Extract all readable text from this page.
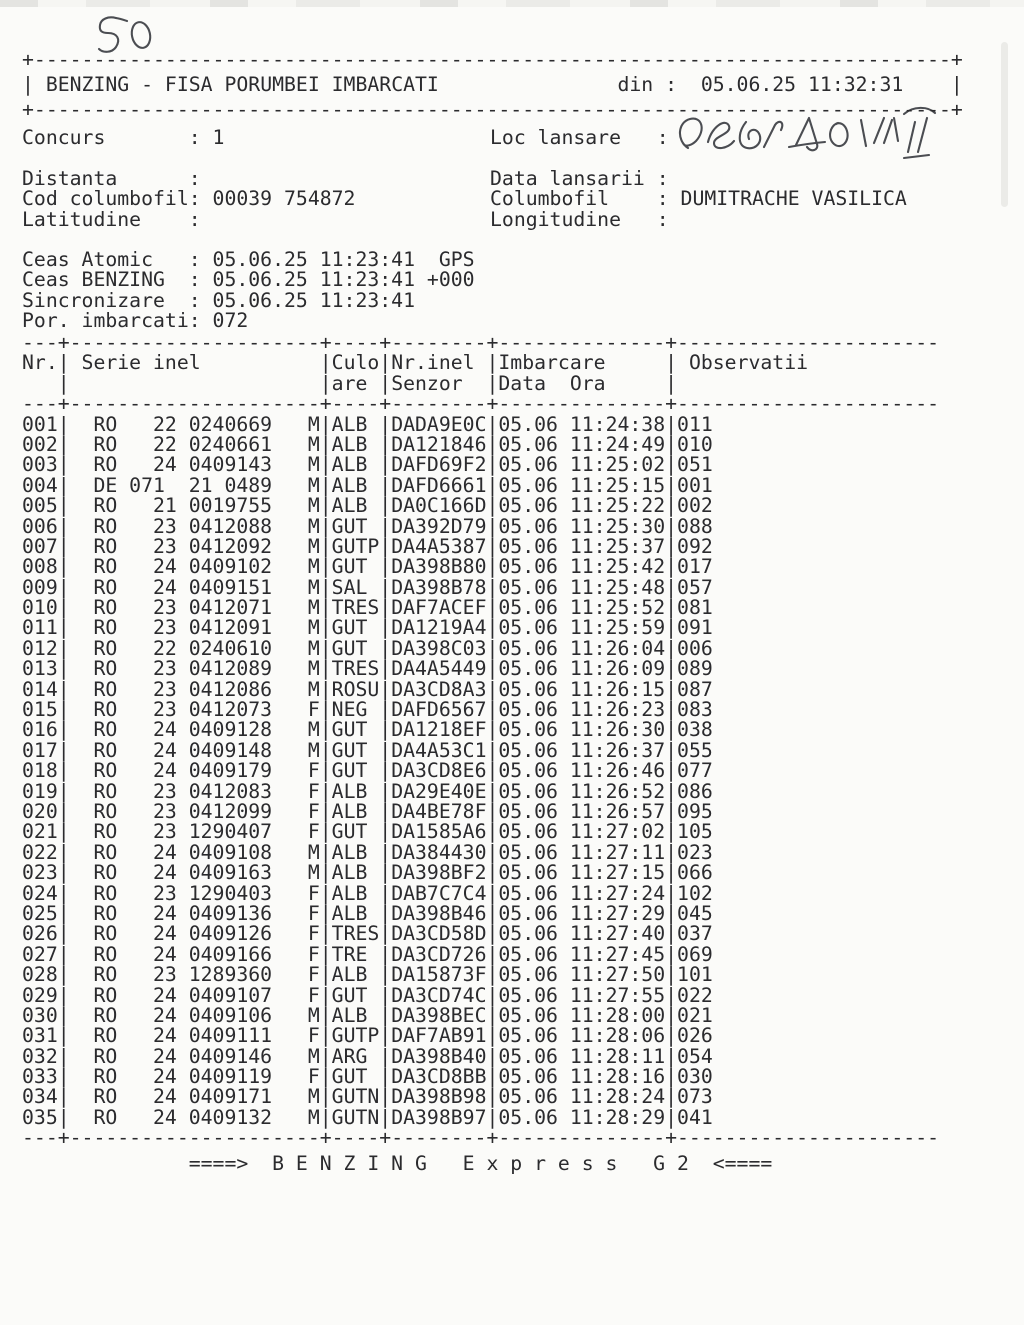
+-----------------------------------------------------------------------------+
| BENZING - FISA PORUMBEI IMBARCATI	din : 05.06.25 11:32:31 |
+-----------------------------------------------------------------------------+
Concurs	: 1	Loc lansare	:
Distanta	:	Data lansarii :
Cod columbofil : 00039 754872	Columbofil	: DUMITRACHE VASILICA
Latitudine	:	Longitudine	:
Ceas Atomic	: 05.06.25 11:23:41  GPS
Ceas BENZING	: 05.06.25 11:23:41 +000
Sincronizare	: 05.06.25 11:23:41
Por. imbarcati : 072
---+---------------------+----+--------+--------------+----------------------
Nr. | Serie inel	| Culo | Nr.inel | Imbarcare	| Observatii
|	| are | Senzor	| Data  Ora	|
---+---------------------+----+--------+--------------+----------------------
001 | RO   22 0240669 M | ALB | DADA9E0C | 05.06 11:24:38 | 011
002 | RO   22 0240661 M | ALB | DA121846 | 05.06 11:24:49 | 010
003 | RO   24 0409143 M | ALB | DAFD69F2 | 05.06 11:25:02 | 051
004 | DE 071  21 0489 M | ALB | DAFD6661 | 05.06 11:25:15 | 001
005 | RO   21 0019755 M | ALB | DA0C166D | 05.06 11:25:22 | 002
006 | RO   23 0412088 M | GUT | DA392D79 | 05.06 11:25:30 | 088
007 | RO   23 0412092 M | GUTP | DA4A5387 | 05.06 11:25:37 | 092
008 | RO   24 0409102 M | GUT | DA398B80 | 05.06 11:25:42 | 017
009 | RO   24 0409151 M | SAL | DA398B78 | 05.06 11:25:48 | 057
010 | RO   23 0412071 M | TRES | DAF7ACEF | 05.06 11:25:52 | 081
011 | RO   23 0412091 M | GUT | DA1219A4 | 05.06 11:25:59 | 091
012 | RO   22 0240610 M | GUT | DA398C03 | 05.06 11:26:04 | 006
013 | RO   23 0412089 M | TRES | DA4A5449 | 05.06 11:26:09 | 089
014 | RO   23 0412086 M | ROSU | DA3CD8A3 | 05.06 11:26:15 | 087
015 | RO   23 0412073 F | NEG | DAFD6567 | 05.06 11:26:23 | 083
016 | RO   24 0409128 M | GUT | DA1218EF | 05.06 11:26:30 | 038
017 | RO   24 0409148 M | GUT | DA4A53C1 | 05.06 11:26:37 | 055
018 | RO   24 0409179 F | GUT | DA3CD8E6 | 05.06 11:26:46 | 077
019 | RO   23 0412083 F | ALB | DA29E40E | 05.06 11:26:52 | 086
020 | RO   23 0412099 F | ALB | DA4BE78F | 05.06 11:26:57 | 095
021 | RO   23 1290407 F | GUT | DA1585A6 | 05.06 11:27:02 | 105
022 | RO   24 0409108 M | ALB | DA384430 | 05.06 11:27:11 | 023
023 | RO   24 0409163 M | ALB | DA398BF2 | 05.06 11:27:15 | 066
024 | RO   23 1290403 F | ALB | DAB7C7C4 | 05.06 11:27:24 | 102
025 | RO   24 0409136 F | ALB | DA398B46 | 05.06 11:27:29 | 045
026 | RO   24 0409126 F | TRES | DA3CD58D | 05.06 11:27:40 | 037
027 | RO   24 0409166 F | TRE | DA3CD726 | 05.06 11:27:45 | 069
028 | RO   23 1289360 F | ALB | DA15873F | 05.06 11:27:50 | 101
029 | RO   24 0409107 F | GUT | DA3CD74C | 05.06 11:27:55 | 022
030 | RO   24 0409106 M | ALB | DA398BEC | 05.06 11:28:00 | 021
031 | RO   24 0409111 F | GUTP | DAF7AB91 | 05.06 11:28:06 | 026
032 | RO   24 0409146 M | ARG | DA398B40 | 05.06 11:28:11 | 054
033 | RO   24 0409119 F | GUT | DA3CD8BB | 05.06 11:28:16 | 030
034 | RO   24 0409171 M | GUTN | DA398B98 | 05.06 11:28:24 | 073
035 | RO   24 0409132 M | GUTN | DA398B97 | 05.06 11:28:29 | 041
---+---------------------+----+--------+--------------+----------------------
====>  B E N Z I N G   E x p r e s s   G 2  <====
